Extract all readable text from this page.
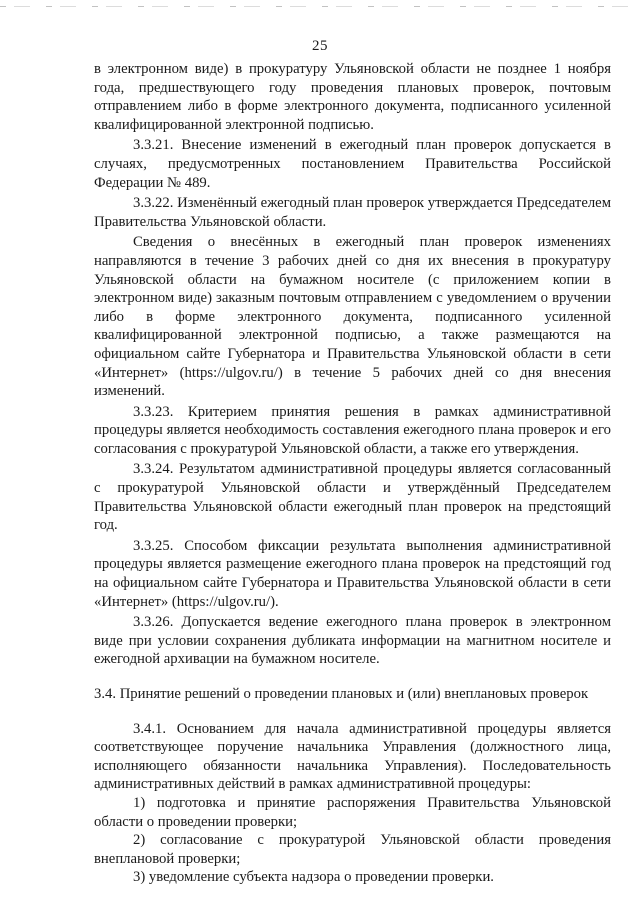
25

в электронном виде) в прокуратуру Ульяновской области не позднее 1 ноября года, предшествующего году проведения плановых проверок, почтовым отправлением либо в форме электронного документа, подписанного усиленной квалифицированной электронной подписью.

3.3.21. Внесение изменений в ежегодный план проверок допускается в случаях, предусмотренных постановлением Правительства Российской Федерации № 489.

3.3.22. Изменённый ежегодный план проверок утверждается Председателем Правительства Ульяновской области.

Сведения о внесённых в ежегодный план проверок изменениях направляются в течение 3 рабочих дней со дня их внесения в прокуратуру Ульяновской области на бумажном носителе (с приложением копии в электронном виде) заказным почтовым отправлением с уведомлением о вручении либо в форме электронного документа, подписанного усиленной квалифицированной электронной подписью, а также размещаются на официальном сайте Губернатора и Правительства Ульяновской области в сети «Интернет» (https://ulgov.ru/) в течение 5 рабочих дней со дня внесения изменений.

3.3.23. Критерием принятия решения в рамках административной процедуры является необходимость составления ежегодного плана проверок и его согласования с прокуратурой Ульяновской области, а также его утверждения.

3.3.24. Результатом административной процедуры является согласованный с прокуратурой Ульяновской области и утверждённый Председателем Правительства Ульяновской области ежегодный план проверок на предстоящий год.

3.3.25. Способом фиксации результата выполнения административной процедуры является размещение ежегодного плана проверок на предстоящий год на официальном сайте Губернатора и Правительства Ульяновской области в сети «Интернет» (https://ulgov.ru/).

3.3.26. Допускается ведение ежегодного плана проверок в электронном виде при условии сохранения дубликата информации на магнитном носителе и ежегодной архивации на бумажном носителе.

3.4. Принятие решений о проведении плановых и (или) внеплановых проверок

3.4.1. Основанием для начала административной процедуры является соответствующее поручение начальника Управления (должностного лица, исполняющего обязанности начальника Управления). Последовательность административных действий в рамках административной процедуры:

1) подготовка и принятие распоряжения Правительства Ульяновской области о проведении проверки;

2) согласование с прокуратурой Ульяновской области проведения внеплановой проверки;

3) уведомление субъекта надзора о проведении проверки.
